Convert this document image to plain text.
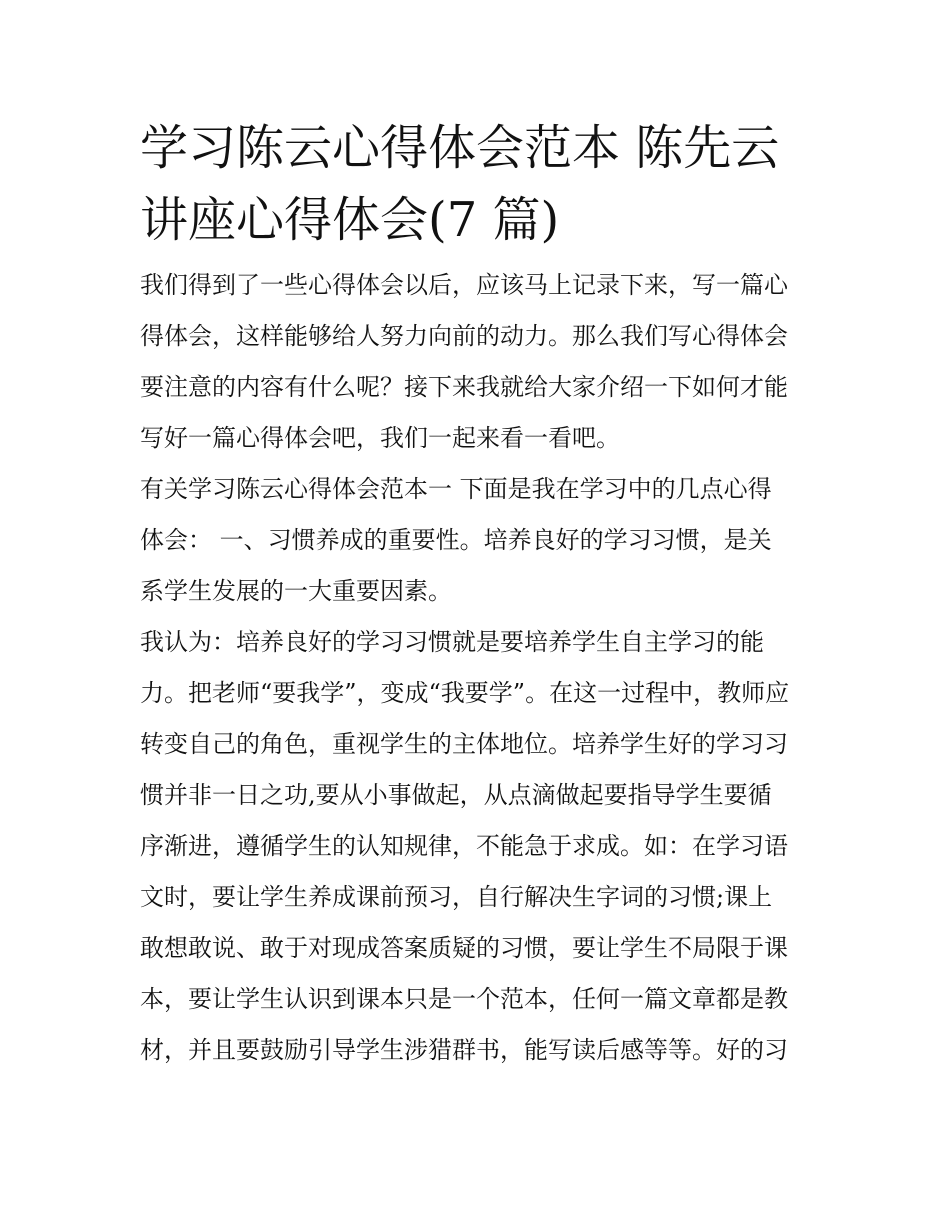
学习陈云心得体会范本 陈先云
讲座心得体会(7 篇)

我们得到了一些心得体会以后，应该马上记录下来，写一篇心
得体会，这样能够给人努力向前的动力。那么我们写心得体会
要注意的内容有什么呢？接下来我就给大家介绍一下如何才能
写好一篇心得体会吧，我们一起来看一看吧。

有关学习陈云心得体会范本一 下面是我在学习中的几点心得
体会： 一、习惯养成的重要性。培养良好的学习习惯，是关
系学生发展的一大重要因素。

我认为：培养良好的学习习惯就是要培养学生自主学习的能
力。把老师“要我学”，变成“我要学”。在这一过程中，教师应
转变自己的角色，重视学生的主体地位。培养学生好的学习习
惯并非一日之功,要从小事做起，从点滴做起要指导学生要循
序渐进，遵循学生的认知规律，不能急于求成。如：在学习语
文时，要让学生养成课前预习，自行解决生字词的习惯;课上
敢想敢说、敢于对现成答案质疑的习惯，要让学生不局限于课
本，要让学生认识到课本只是一个范本，任何一篇文章都是教
材，并且要鼓励引导学生涉猎群书，能写读后感等等。好的习
